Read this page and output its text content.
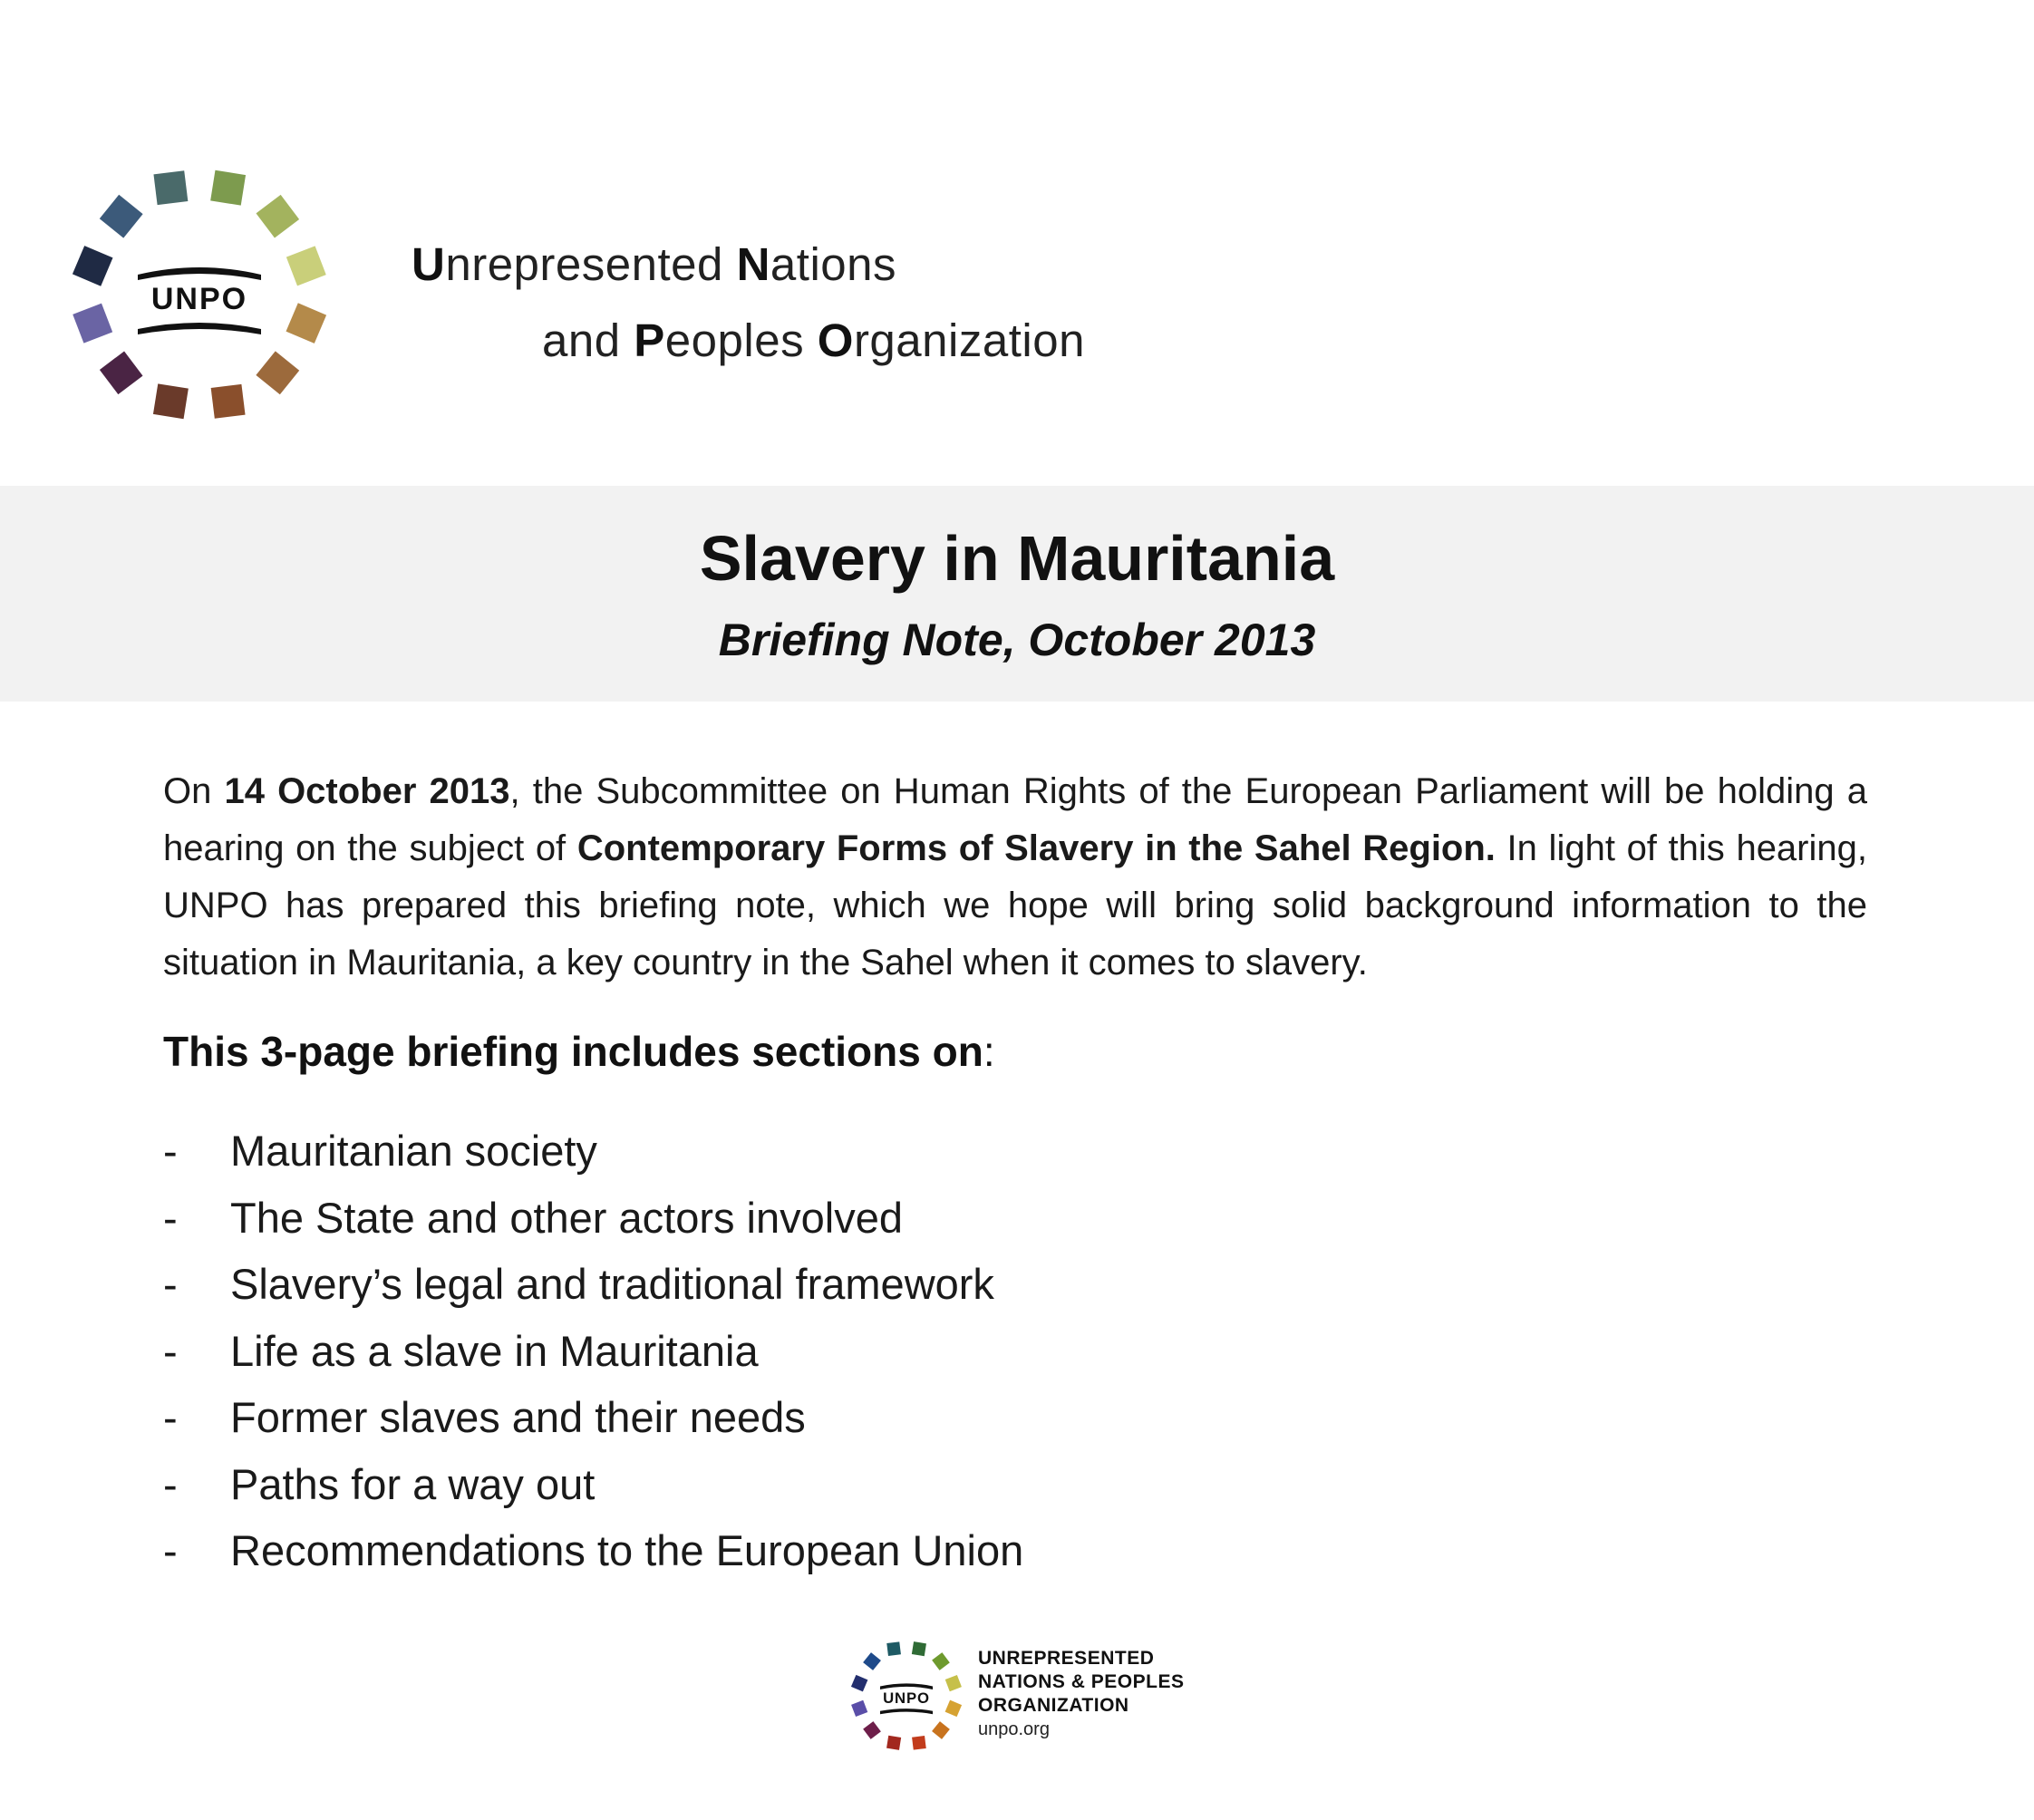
UNPO
Unrepresented Nations
and Peoples Organization
Slavery in Mauritania
Briefing Note, October 2013

On 14 October 2013, the Subcommittee on Human Rights of the European Parliament will be holding a hearing on the subject of Contemporary Forms of Slavery in the Sahel Region. In light of this hearing, UNPO has prepared this briefing note, which we hope will bring solid background information to the situation in Mauritania, a key country in the Sahel when it comes to slavery.

This 3-page briefing includes sections on:
-	Mauritanian society
-	The State and other actors involved
-	Slavery’s legal and traditional framework
-	Life as a slave in Mauritania
-	Former slaves and their needs
-	Paths for a way out
-	Recommendations to the European Union
UNPO
UNREPRESENTED
NATIONS & PEOPLES
ORGANIZATION
unpo.org
